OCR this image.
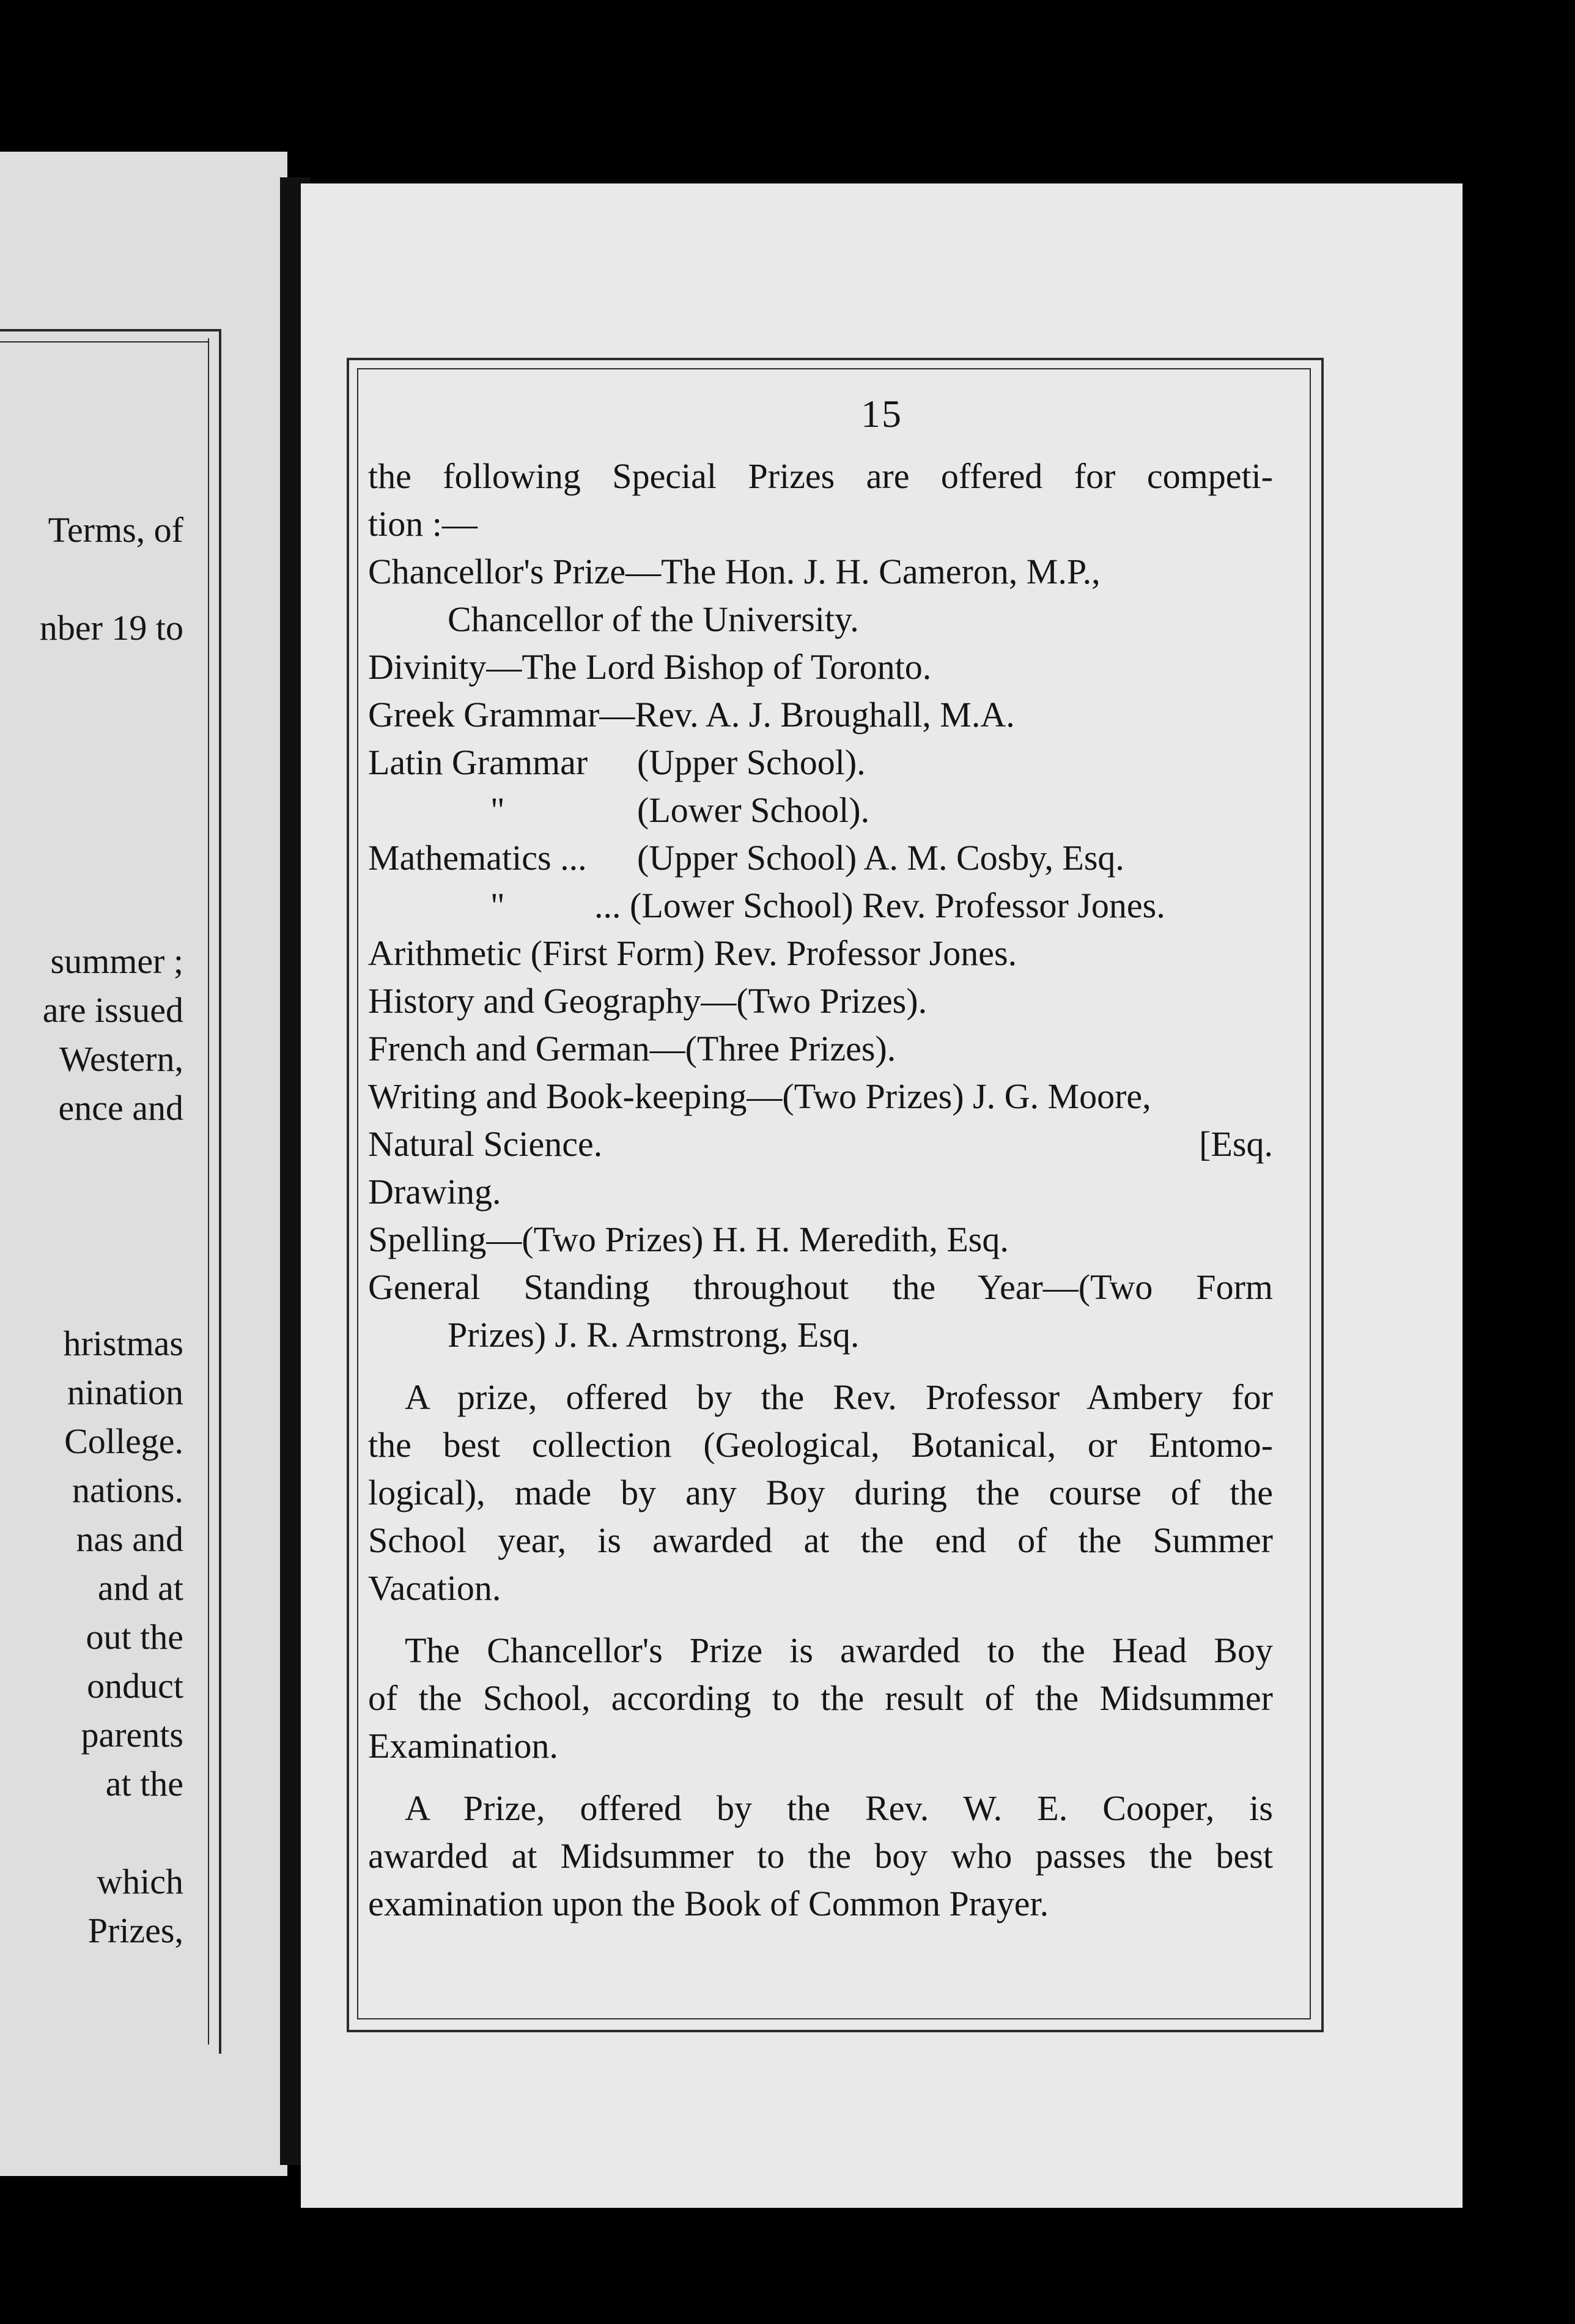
Terms, of
nber 19 to
summer ;
are issued
Western,
ence and
hristmas
nination
College.
nations.
nas and
and at
out the
onduct
parents
at the
which
Prizes,
15
the following Special Prizes are offered for competi-
tion :—
Chancellor's Prize—The Hon. J. H. Cameron, M.P.,
Chancellor of the University.
Divinity—The Lord Bishop of Toronto.
Greek Grammar—Rev. A. J. Broughall, M.A.
Latin Grammar (Upper School).
"	(Lower School).
Mathematics ... (Upper School) A. M. Cosby, Esq.
"	... (Lower School) Rev. Professor Jones.
Arithmetic (First Form) Rev. Professor Jones.
History and Geography—(Two Prizes).
French and German—(Three Prizes).
Writing and Book-keeping—(Two Prizes) J. G. Moore,
Natural Science.	[Esq.
Drawing.
Spelling—(Two Prizes) H. H. Meredith, Esq.
General Standing throughout the Year—(Two Form
Prizes) J. R. Armstrong, Esq.
A prize, offered by the Rev. Professor Ambery for
the best collection (Geological, Botanical, or Entomo-
logical), made by any Boy during the course of the
School year, is awarded at the end of the Summer
Vacation.
The Chancellor's Prize is awarded to the Head Boy
of the School, according to the result of the Midsummer
Examination.
A Prize, offered by the Rev. W. E. Cooper, is
awarded at Midsummer to the boy who passes the best
examination upon the Book of Common Prayer.
